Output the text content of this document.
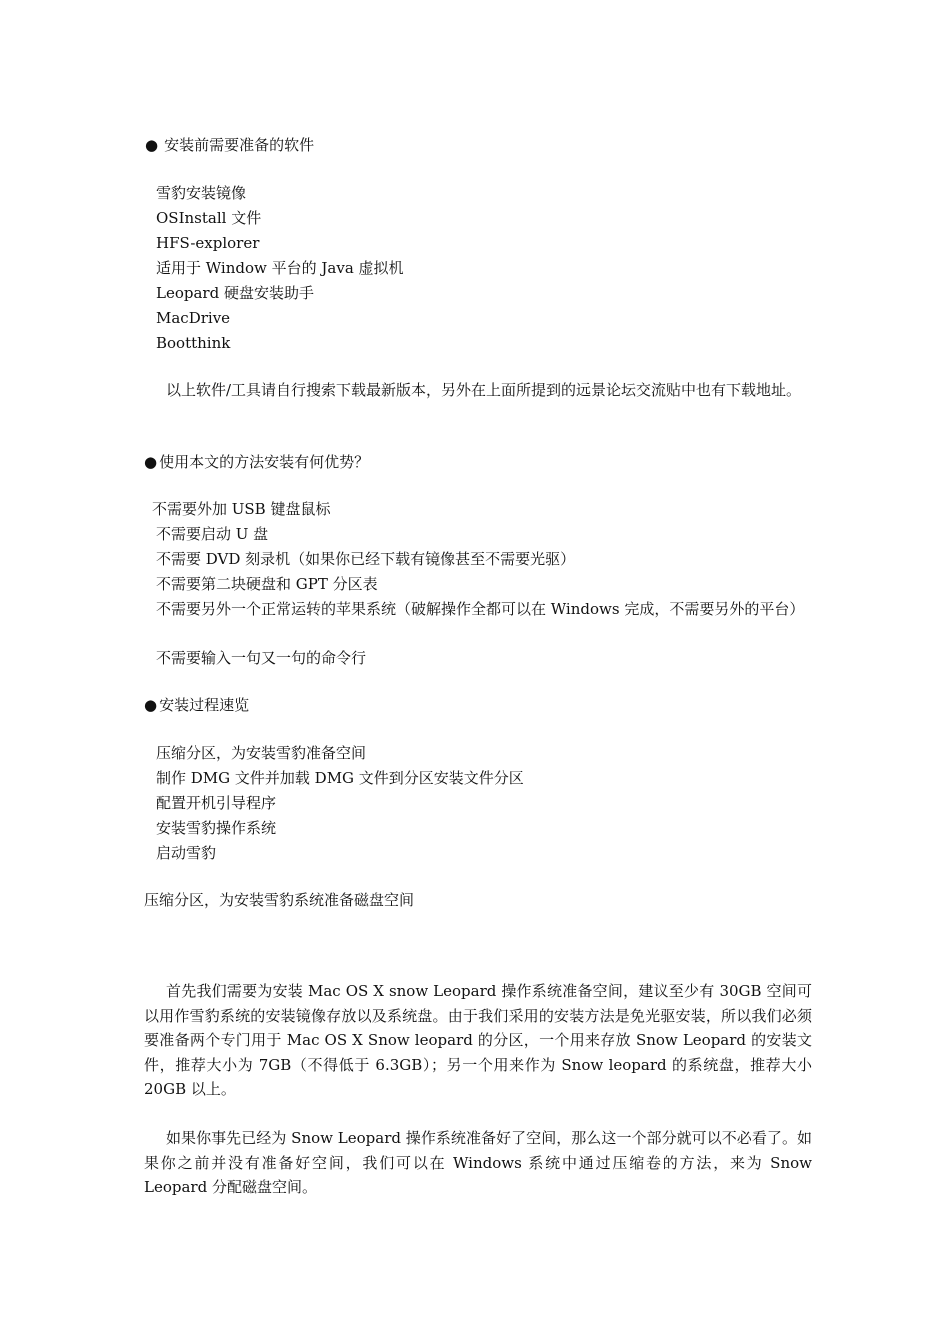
● 安装前需要准备的软件
雪豹安装镜像
OSInstall 文件
HFS-explorer
适用于 Window 平台的 Java 虚拟机
Leopard 硬盘安装助手
MacDrive
Bootthink
以上软件/工具请自行搜索下载最新版本，另外在上面所提到的远景论坛交流贴中也有下载地址。
● 使用本文的方法安装有何优势？
不需要外加 USB 键盘鼠标
不需要启动 U 盘
不需要 DVD 刻录机（如果你已经下载有镜像甚至不需要光驱）
不需要第二块硬盘和 GPT 分区表
不需要另外一个正常运转的苹果系统（破解操作全都可以在 Windows 完成，不需要另外的平台）
不需要输入一句又一句的命令行
● 安装过程速览
压缩分区，为安装雪豹准备空间
制作 DMG 文件并加载 DMG 文件到分区安装文件分区
配置开机引导程序
安装雪豹操作系统
启动雪豹
压缩分区，为安装雪豹系统准备磁盘空间
首先我们需要为安装 Mac OS X snow Leopard 操作系统准备空间，建议至少有 30GB 空间可以用作雪豹系统的安装镜像存放以及系统盘。由于我们采用的安装方法是免光驱安装，所以我们必须要准备两个专门用于 Mac OS X Snow leopard 的分区，一个用来存放 Snow Leopard 的安装文件，推荐大小为 7GB（不得低于 6.3GB）；另一个用来作为 Snow leopard 的系统盘，推荐大小 20GB 以上。
如果你事先已经为 Snow Leopard 操作系统准备好了空间，那么这一个部分就可以不必看了。如果你之前并没有准备好空间，我们可以在 Windows 系统中通过压缩卷的方法，来为 Snow Leopard 分配磁盘空间。
